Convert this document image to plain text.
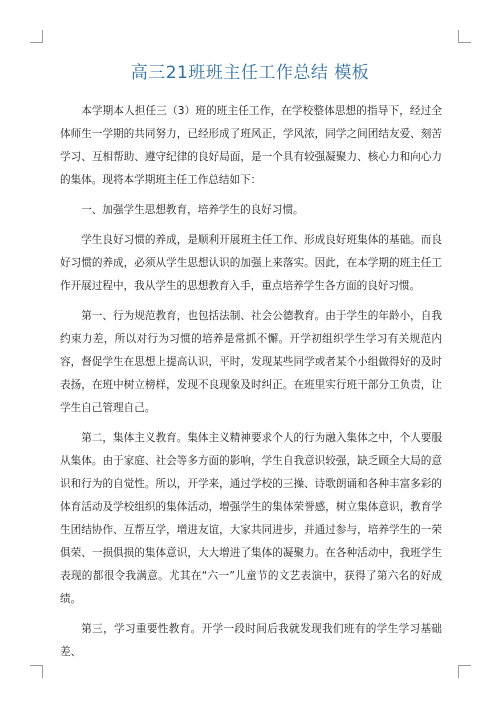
高三21班班主任工作总结 模板

本学期本人担任三（3）班的班主任工作，在学校整体思想的指导下，经过全体师生一学期的共同努力，已经形成了班风正，学风浓，同学之间团结友爱、刻苦学习、互相帮助、遵守纪律的良好局面，是一个具有较强凝聚力、核心力和向心力的集体。现将本学期班主任工作总结如下：

一、加强学生思想教育，培养学生的良好习惯。

学生良好习惯的养成，是顺利开展班主任工作、形成良好班集体的基础。而良好习惯的养成，必须从学生思想认识的加强上来落实。因此，在本学期的班主任工作开展过程中，我从学生的思想教育入手，重点培养学生各方面的良好习惯。

第一、行为规范教育，也包括法制、社会公德教育。由于学生的年龄小，自我约束力差，所以对行为习惯的培养是常抓不懈。开学初组织学生学习有关规范内容，督促学生在思想上提高认识，平时，发现某些同学或者某个小组做得好的及时表扬，在班中树立榜样，发现不良现象及时纠正。在班里实行班干部分工负责，让学生自己管理自己。

第二，集体主义教育。集体主义精神要求个人的行为融入集体之中，个人要服从集体。由于家庭、社会等多方面的影响，学生自我意识较强，缺乏顾全大局的意识和行为的自觉性。所以，开学来，通过学校的三操、诗歌朗诵和各种丰富多彩的体育活动及学校组织的集体活动，增强学生的集体荣誉感，树立集体意识，教育学生团结协作、互帮互学，增进友谊，大家共同进步，并通过参与，培养学生的一荣俱荣、一损俱损的集体意识，大大增进了集体的凝聚力。在各种活动中，我班学生表现的都很令我满意。尤其在“六一”儿童节的文艺表演中，获得了第六名的好成绩。

第三，学习重要性教育。开学一段时间后我就发现我们班有的学生学习基础差、
